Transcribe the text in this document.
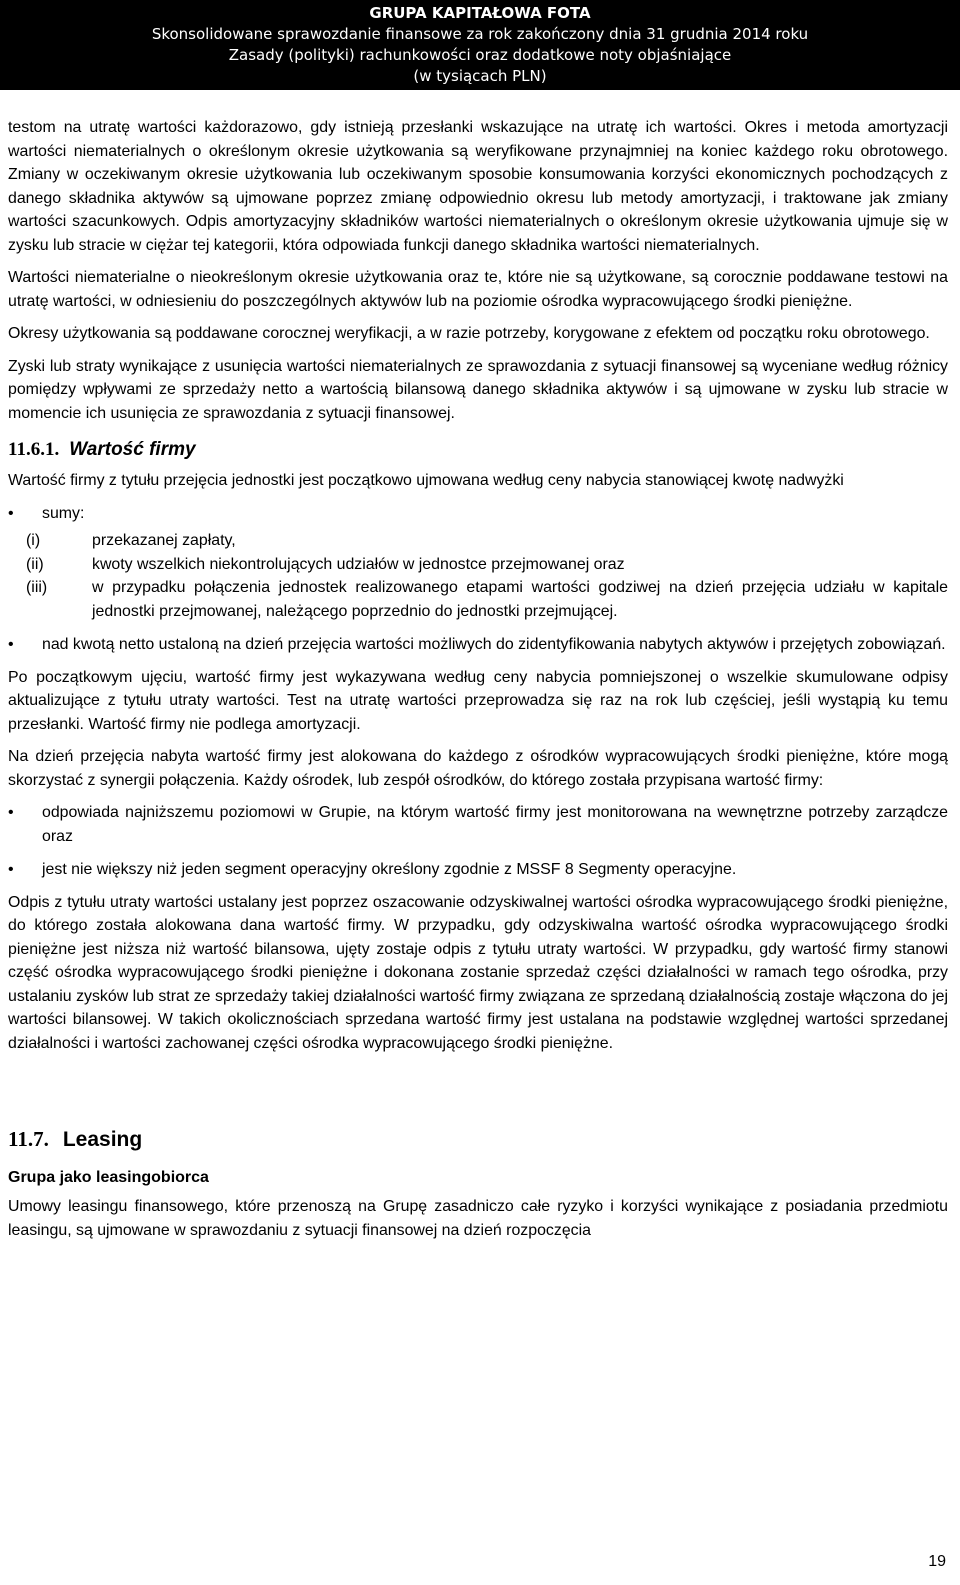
GRUPA KAPITAŁOWA FOTA
Skonsolidowane sprawozdanie finansowe za rok zakończony dnia 31 grudnia 2014 roku
Zasady (polityki) rachunkowości oraz dodatkowe noty objaśniające
(w tysiącach PLN)

testom na utratę wartości każdorazowo, gdy istnieją przesłanki wskazujące na utratę ich wartości. Okres i metoda amortyzacji wartości niematerialnych o określonym okresie użytkowania są weryfikowane przynajmniej na koniec każdego roku obrotowego. Zmiany w oczekiwanym okresie użytkowania lub oczekiwanym sposobie konsumowania korzyści ekonomicznych pochodzących z danego składnika aktywów są ujmowane poprzez zmianę odpowiednio okresu lub metody amortyzacji, i traktowane jak zmiany wartości szacunkowych. Odpis amortyzacyjny składników wartości niematerialnych o określonym okresie użytkowania ujmuje się w zysku lub stracie w ciężar tej kategorii, która odpowiada funkcji danego składnika wartości niematerialnych.

Wartości niematerialne o nieokreślonym okresie użytkowania oraz te, które nie są użytkowane, są corocznie poddawane testowi na utratę wartości, w odniesieniu do poszczególnych aktywów lub na poziomie ośrodka wypracowującego środki pieniężne.

Okresy użytkowania są poddawane corocznej weryfikacji, a w razie potrzeby, korygowane z efektem od początku roku obrotowego.

Zyski lub straty wynikające z usunięcia wartości niematerialnych ze sprawozdania z sytuacji finansowej są wyceniane według różnicy pomiędzy wpływami ze sprzedaży netto a wartością bilansową danego składnika aktywów i są ujmowane w zysku lub stracie w momencie ich usunięcia ze sprawozdania z sytuacji finansowej.

11.6.1. Wartość firmy

Wartość firmy z tytułu przejęcia jednostki jest początkowo ujmowana według ceny nabycia stanowiącej kwotę nadwyżki

• sumy:
(i)	przekazanej zapłaty,
(ii)	kwoty wszelkich niekontrolujących udziałów w jednostce przejmowanej oraz
(iii)	w przypadku połączenia jednostek realizowanego etapami wartości godziwej na dzień przejęcia udziału w kapitale jednostki przejmowanej, należącego poprzednio do jednostki przejmującej.
• nad kwotą netto ustaloną na dzień przejęcia wartości możliwych do zidentyfikowania nabytych aktywów i przejętych zobowiązań.

Po początkowym ujęciu, wartość firmy jest wykazywana według ceny nabycia pomniejszonej o wszelkie skumulowane odpisy aktualizujące z tytułu utraty wartości. Test na utratę wartości przeprowadza się raz na rok lub częściej, jeśli wystąpią ku temu przesłanki. Wartość firmy nie podlega amortyzacji.

Na dzień przejęcia nabyta wartość firmy jest alokowana do każdego z ośrodków wypracowujących środki pieniężne, które mogą skorzystać z synergii połączenia. Każdy ośrodek, lub zespół ośrodków, do którego została przypisana wartość firmy:

• odpowiada najniższemu poziomowi w Grupie, na którym wartość firmy jest monitorowana na wewnętrzne potrzeby zarządcze oraz
• jest nie większy niż jeden segment operacyjny określony zgodnie z MSSF 8 Segmenty operacyjne.

Odpis z tytułu utraty wartości ustalany jest poprzez oszacowanie odzyskiwalnej wartości ośrodka wypracowującego środki pieniężne, do którego została alokowana dana wartość firmy. W przypadku, gdy odzyskiwalna wartość ośrodka wypracowującego środki pieniężne jest niższa niż wartość bilansowa, ujęty zostaje odpis z tytułu utraty wartości. W przypadku, gdy wartość firmy stanowi część ośrodka wypracowującego środki pieniężne i dokonana zostanie sprzedaż części działalności w ramach tego ośrodka, przy ustalaniu zysków lub strat ze sprzedaży takiej działalności wartość firmy związana ze sprzedaną działalnością zostaje włączona do jej wartości bilansowej. W takich okolicznościach sprzedana wartość firmy jest ustalana na podstawie względnej wartości sprzedanej działalności i wartości zachowanej części ośrodka wypracowującego środki pieniężne.

11.7. Leasing
Grupa jako leasingobiorca

Umowy leasingu finansowego, które przenoszą na Grupę zasadniczo całe ryzyko i korzyści wynikające z posiadania przedmiotu leasingu, są ujmowane w sprawozdaniu z sytuacji finansowej na dzień rozpoczęcia

19
